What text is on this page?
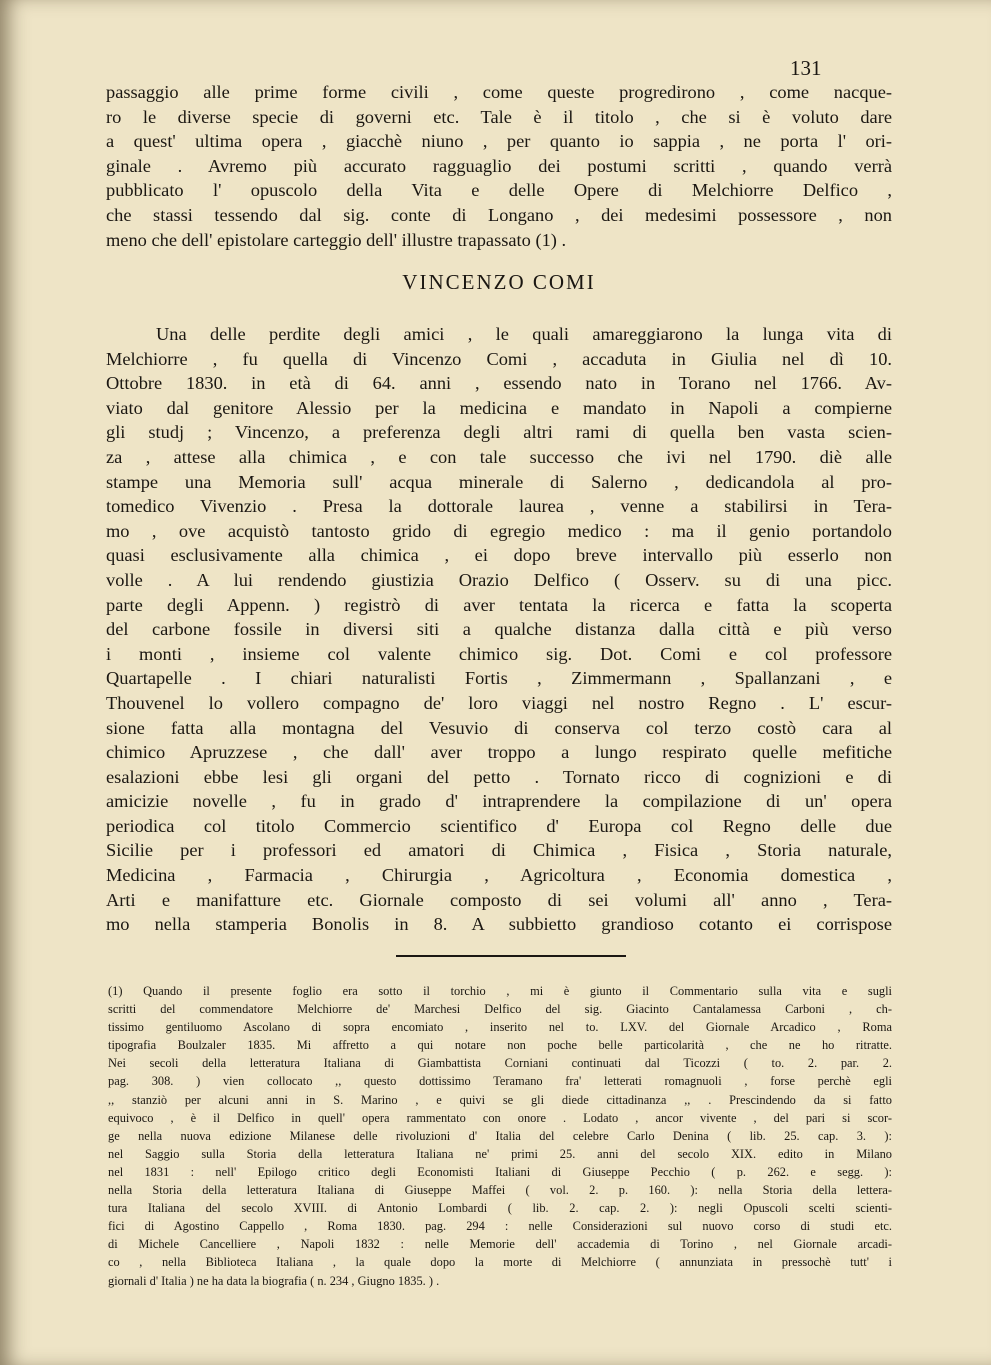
131
passaggio alle prime forme civili , come queste progredirono , come nacque-
ro le diverse specie di governi etc. Tale è il titolo , che si è voluto dare
a quest' ultima opera , giacchè niuno , per quanto io sappia , ne porta l' ori-
ginale . Avremo più accurato ragguaglio dei postumi scritti , quando verrà
pubblicato l' opuscolo della Vita e delle Opere di Melchiorre Delfico ,
che stassi tessendo dal sig. conte di Longano , dei medesimi possessore , non
meno che dell' epistolare carteggio dell' illustre trapassato (1) .
VINCENZO COMI
Una delle perdite degli amici , le quali amareggiarono la lunga vita di
Melchiorre , fu quella di Vincenzo Comi , accaduta in Giulia nel dì 10.
Ottobre 1830. in età di 64. anni , essendo nato in Torano nel 1766. Av-
viato dal genitore Alessio per la medicina e mandato in Napoli a compierne
gli studj ; Vincenzo, a preferenza degli altri rami di quella ben vasta scien-
za , attese alla chimica , e con tale successo che ivi nel 1790. diè alle
stampe una Memoria sull' acqua minerale di Salerno , dedicandola al pro-
tomedico Vivenzio . Presa la dottorale laurea , venne a stabilirsi in Tera-
mo , ove acquistò tantosto grido di egregio medico : ma il genio portandolo
quasi esclusivamente alla chimica , ei dopo breve intervallo più esserlo non
volle . A lui rendendo giustizia Orazio Delfico ( Osserv. su di una picc.
parte degli Appenn. ) registrò di aver tentata la ricerca e fatta la scoperta
del carbone fossile in diversi siti a qualche distanza dalla città e più verso
i monti , insieme col valente chimico sig. Dot. Comi e col professore
Quartapelle . I chiari naturalisti Fortis , Zimmermann , Spallanzani , e
Thouvenel lo vollero compagno de' loro viaggi nel nostro Regno . L' escur-
sione fatta alla montagna del Vesuvio di conserva col terzo costò cara al
chimico Apruzzese , che dall' aver troppo a lungo respirato quelle mefitiche
esalazioni ebbe lesi gli organi del petto . Tornato ricco di cognizioni e di
amicizie novelle , fu in grado d' intraprendere la compilazione di un' opera
periodica col titolo Commercio scientifico d' Europa col Regno delle due
Sicilie per i professori ed amatori di Chimica , Fisica , Storia naturale,
Medicina , Farmacia , Chirurgia , Agricoltura , Economia domestica ,
Arti e manifatture etc. Giornale composto di sei volumi all' anno , Tera-
mo nella stamperia Bonolis in 8. A subbietto grandioso cotanto ei corrispose
(1) Quando il presente foglio era sotto il torchio , mi è giunto il Commentario sulla vita e sugli
scritti del commendatore Melchiorre de' Marchesi Delfico del sig. Giacinto Cantalamessa Carboni , ch-
tissimo gentiluomo Ascolano di sopra encomiato , inserito nel to. LXV. del Giornale Arcadico , Roma
tipografia Boulzaler 1835. Mi affretto a qui notare non poche belle particolarità , che ne ho ritratte.
Nei secoli della letteratura Italiana di Giambattista Corniani continuati dal Ticozzi ( to. 2. par. 2.
pag. 308. ) vien collocato ,, questo dottissimo Teramano fra' letterati romagnuoli , forse perchè egli
,, stanziò per alcuni anni in S. Marino , e quivi se gli diede cittadinanza ,, . Prescindendo da si fatto
equivoco , è il Delfico in quell' opera rammentato con onore . Lodato , ancor vivente , del pari si scor-
ge nella nuova edizione Milanese delle rivoluzioni d' Italia del celebre Carlo Denina ( lib. 25. cap. 3. ):
nel Saggio sulla Storia della letteratura Italiana ne' primi 25. anni del secolo XIX. edito in Milano
nel 1831 : nell' Epilogo critico degli Economisti Italiani di Giuseppe Pecchio ( p. 262. e segg. ):
nella Storia della letteratura Italiana di Giuseppe Maffei ( vol. 2. p. 160. ): nella Storia della lettera-
tura Italiana del secolo XVIII. di Antonio Lombardi ( lib. 2. cap. 2. ): negli Opuscoli scelti scienti-
fici di Agostino Cappello , Roma 1830. pag. 294 : nelle Considerazioni sul nuovo corso di studi etc.
di Michele Cancelliere , Napoli 1832 : nelle Memorie dell' accademia di Torino , nel Giornale arcadi-
co , nella Biblioteca Italiana , la quale dopo la morte di Melchiorre ( annunziata in pressochè tutt' i
giornali d' Italia ) ne ha data la biografia ( n. 234 , Giugno 1835. ) .
